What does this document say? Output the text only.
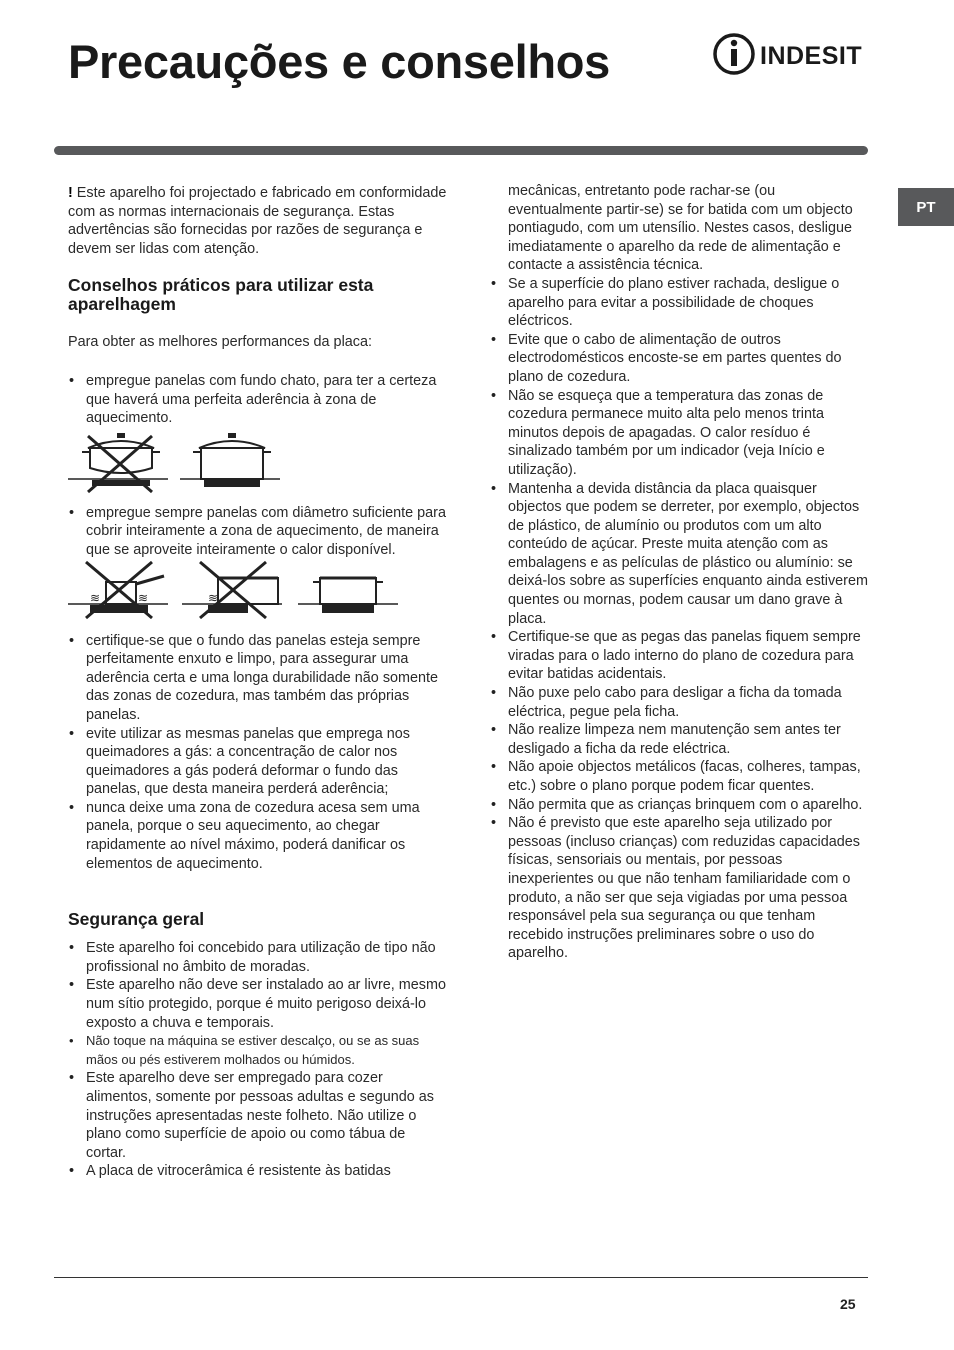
Precauções e conselhos	INDESIT
PT

! Este aparelho foi projectado e fabricado em conformidade com as normas internacionais de segurança. Estas advertências são fornecidas por razões de segurança e devem ser lidas com atenção.

Conselhos práticos para utilizar esta aparelhagem

Para obter as melhores performances da placa:

• empregue panelas com fundo chato, para ter a certeza que haverá uma perfeita aderência à zona de aquecimento.
• empregue sempre panelas com diâmetro suficiente para cobrir inteiramente a zona de aquecimento, de maneira que se aproveite inteiramente o calor disponível.
≋	≋	≋
• certifique-se que o fundo das panelas esteja sempre perfeitamente enxuto e limpo, para assegurar uma aderência certa e uma longa durabilidade não somente das zonas de cozedura, mas também das próprias panelas.
• evite utilizar as mesmas panelas que emprega nos queimadores a gás: a concentração de calor nos queimadores a gás poderá deformar o fundo das panelas, que desta maneira perderá aderência;
• nunca deixe uma zona de cozedura acesa sem uma panela, porque o seu aquecimento, ao chegar rapidamente ao nível máximo, poderá danificar os elementos de aquecimento.
Segurança geral
• Este aparelho foi concebido para utilização de tipo não profissional no âmbito de moradas.
• Este aparelho não deve ser instalado ao ar livre, mesmo num sítio protegido, porque é muito perigoso deixá-lo exposto a chuva e temporais.
• Não toque na máquina se estiver descalço, ou se as suas mãos ou pés estiverem molhados ou húmidos.
• Este aparelho deve ser empregado para cozer alimentos, somente por pessoas adultas e segundo as instruções apresentadas neste folheto. Não utilize o plano como superfície de apoio ou como tábua de cortar.
• A placa de vitrocerâmica é resistente às batidas

mecânicas, entretanto pode rachar-se (ou eventualmente partir-se) se for batida com um objecto pontiagudo, com um utensílio. Nestes casos, desligue imediatamente o aparelho da rede de alimentação e contacte a assistência técnica.

• Se a superfície do plano estiver rachada, desligue o aparelho para evitar a possibilidade de choques eléctricos.
• Evite que o cabo de alimentação de outros electrodomésticos encoste-se em partes quentes do plano de cozedura.
• Não se esqueça que a temperatura das zonas de cozedura permanece muito alta pelo menos trinta minutos depois de apagadas. O calor resíduo é sinalizado também por um indicador (veja Início e utilização).
• Mantenha a devida distância da placa quaisquer objectos que podem se derreter, por exemplo, objectos de plástico, de alumínio ou produtos com um alto conteúdo de açúcar. Preste muita atenção com as embalagens e as películas de plástico ou alumínio: se deixá-los sobre as superfícies enquanto ainda estiverem quentes ou mornas, podem causar um dano grave à placa.
• Certifique-se que as pegas das panelas fiquem sempre viradas para o lado interno do plano de cozedura para evitar batidas acidentais.
• Não puxe pelo cabo para desligar a ficha da tomada eléctrica, pegue pela ficha.
• Não realize limpeza nem manutenção sem antes ter desligado a ficha da rede eléctrica.
• Não apoie objectos metálicos (facas, colheres, tampas, etc.) sobre o plano porque podem ficar quentes.
• Não permita que as crianças brinquem com o aparelho.
• Não é previsto que este aparelho seja utilizado por pessoas (incluso crianças) com reduzidas capacidades físicas, sensoriais ou mentais, por pessoas inexperientes ou que não tenham familiaridade com o produto, a não ser que seja vigiadas por uma pessoa responsável pela sua segurança ou que tenham recebido instruções preliminares sobre o uso do aparelho.
25
